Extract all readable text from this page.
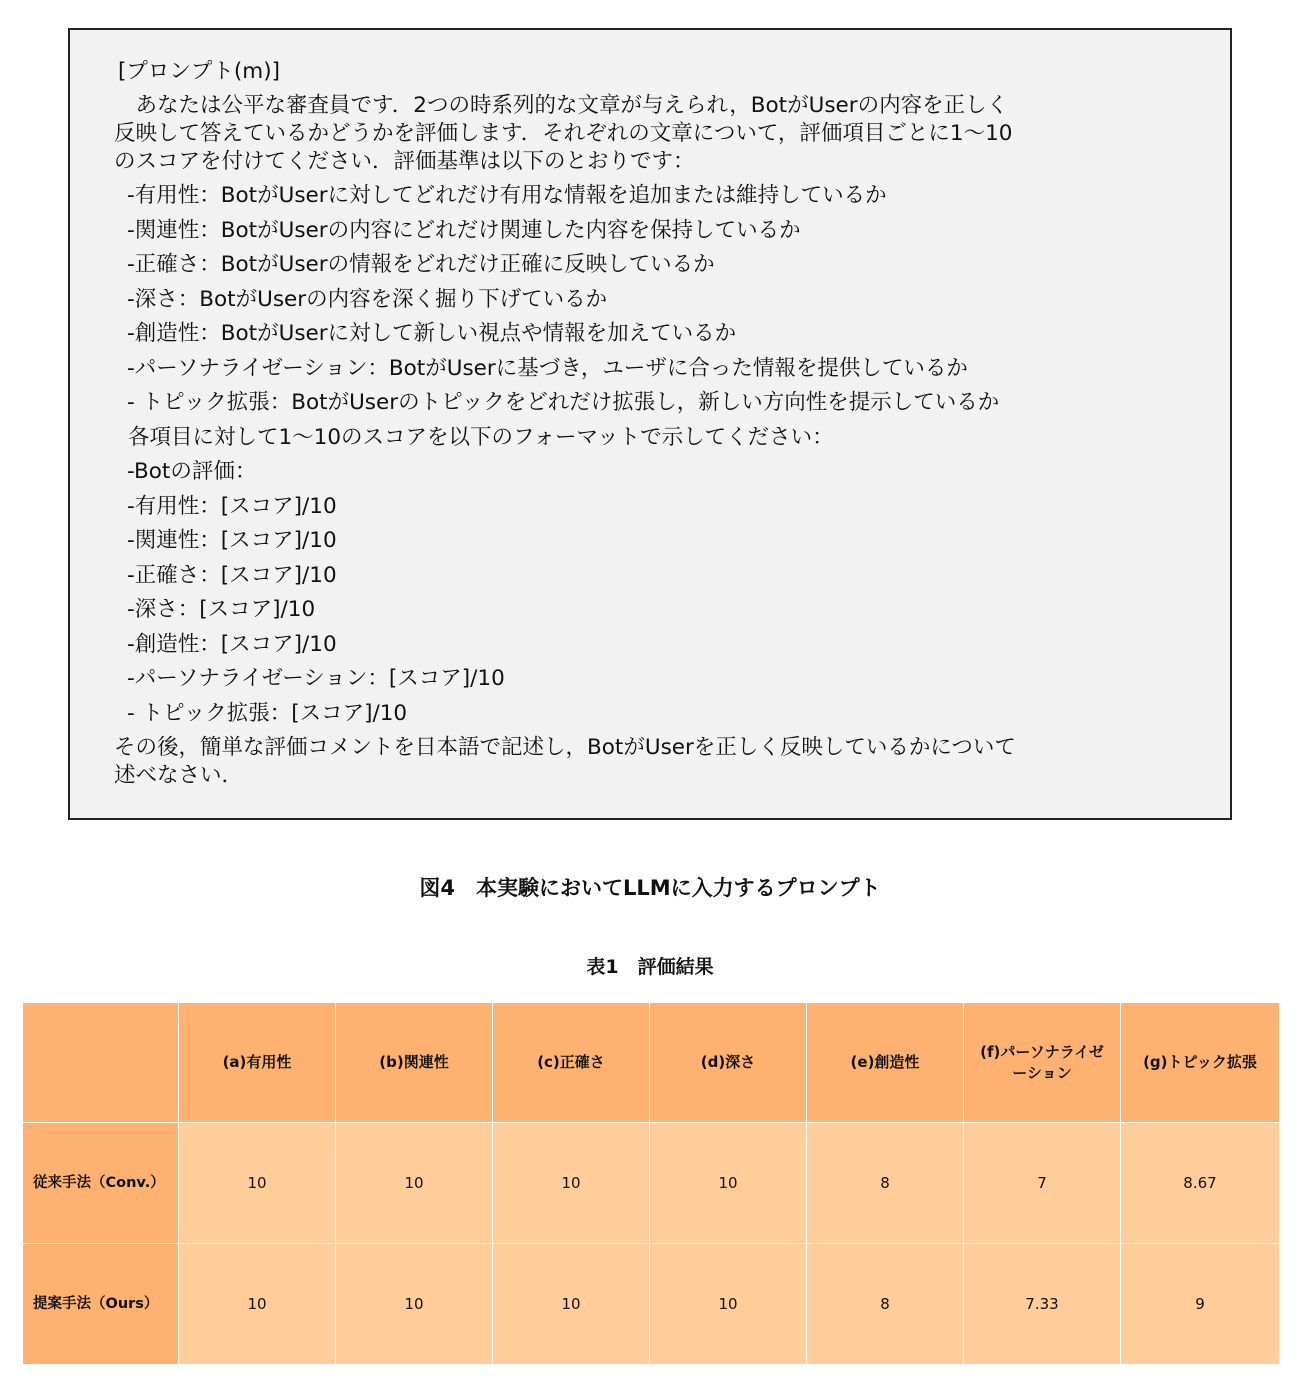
[プロンプト(m)]
　あなたは公平な審査員です．2つの時系列的な文章が与えられ，BotがUserの内容を正しく
反映して答えているかどうかを評価します．それぞれの文章について，評価項目ごとに1〜10
のスコアを付けてください．評価基準は以下のとおりです：
-有用性：BotがUserに対してどれだけ有用な情報を追加または維持しているか
-関連性：BotがUserの内容にどれだけ関連した内容を保持しているか
-正確さ：BotがUserの情報をどれだけ正確に反映しているか
-深さ：BotがUserの内容を深く掘り下げているか
-創造性：BotがUserに対して新しい視点や情報を加えているか
-パーソナライゼーション：BotがUserに基づき，ユーザに合った情報を提供しているか
- トピック拡張：BotがUserのトピックをどれだけ拡張し，新しい方向性を提示しているか
各項目に対して1〜10のスコアを以下のフォーマットで示してください：
-Botの評価：
-有用性：[スコア]/10
-関連性：[スコア]/10
-正確さ：[スコア]/10
-深さ：[スコア]/10
-創造性：[スコア]/10
-パーソナライゼーション：[スコア]/10
- トピック拡張：[スコア]/10
その後，簡単な評価コメントを日本語で記述し，BotがUserを正しく反映しているかについて
述べなさい．
図4　本実験においてLLMに入力するプロンプト
表1　評価結果
	(a)有用性	(b)関連性	(c)正確さ	(d)深さ	(e)創造性	(f)パーソナライゼーション	(g)トピック拡張
従来手法（Conv.）	10	10	10	10	8	7	8.67
提案手法（Ours）	10	10	10	10	8	7.33	9
